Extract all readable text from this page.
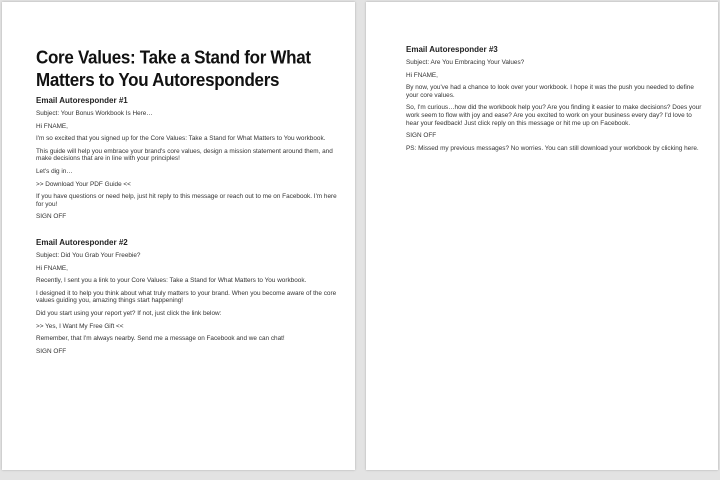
Core Values: Take a Stand for What
Matters to You Autoresponders
Email Autoresponder #1
Subject: Your Bonus Workbook Is Here…
Hi FNAME,
I'm so excited that you signed up for the Core Values: Take a Stand for What Matters to You workbook.
This guide will help you embrace your brand's core values, design a mission statement around them, and make decisions that are in line with your principles!
Let's dig in…
>> Download Your PDF Guide <<
If you have questions or need help, just hit reply to this message or reach out to me on Facebook. I'm here for you!
SIGN OFF
Email Autoresponder #2
Subject: Did You Grab Your Freebie?
Hi FNAME,
Recently, I sent you a link to your Core Values: Take a Stand for What Matters to You workbook.
I designed it to help you think about what truly matters to your brand. When you become aware of the core values guiding you, amazing things start happening!
Did you start using your report yet? If not, just click the link below:
>> Yes, I Want My Free Gift <<
Remember, that I'm always nearby. Send me a message on Facebook and we can chat!
SIGN OFF
Email Autoresponder #3
Subject: Are You Embracing Your Values?
Hi FNAME,
By now, you've had a chance to look over your workbook. I hope it was the push you needed to define your core values.
So, I'm curious…how did the workbook help you? Are you finding it easier to make decisions? Does your work seem to flow with joy and ease? Are you excited to work on your business every day? I'd love to hear your feedback! Just click reply on this message or hit me up on Facebook.
SIGN OFF
PS: Missed my previous messages? No worries. You can still download your workbook by clicking here.
